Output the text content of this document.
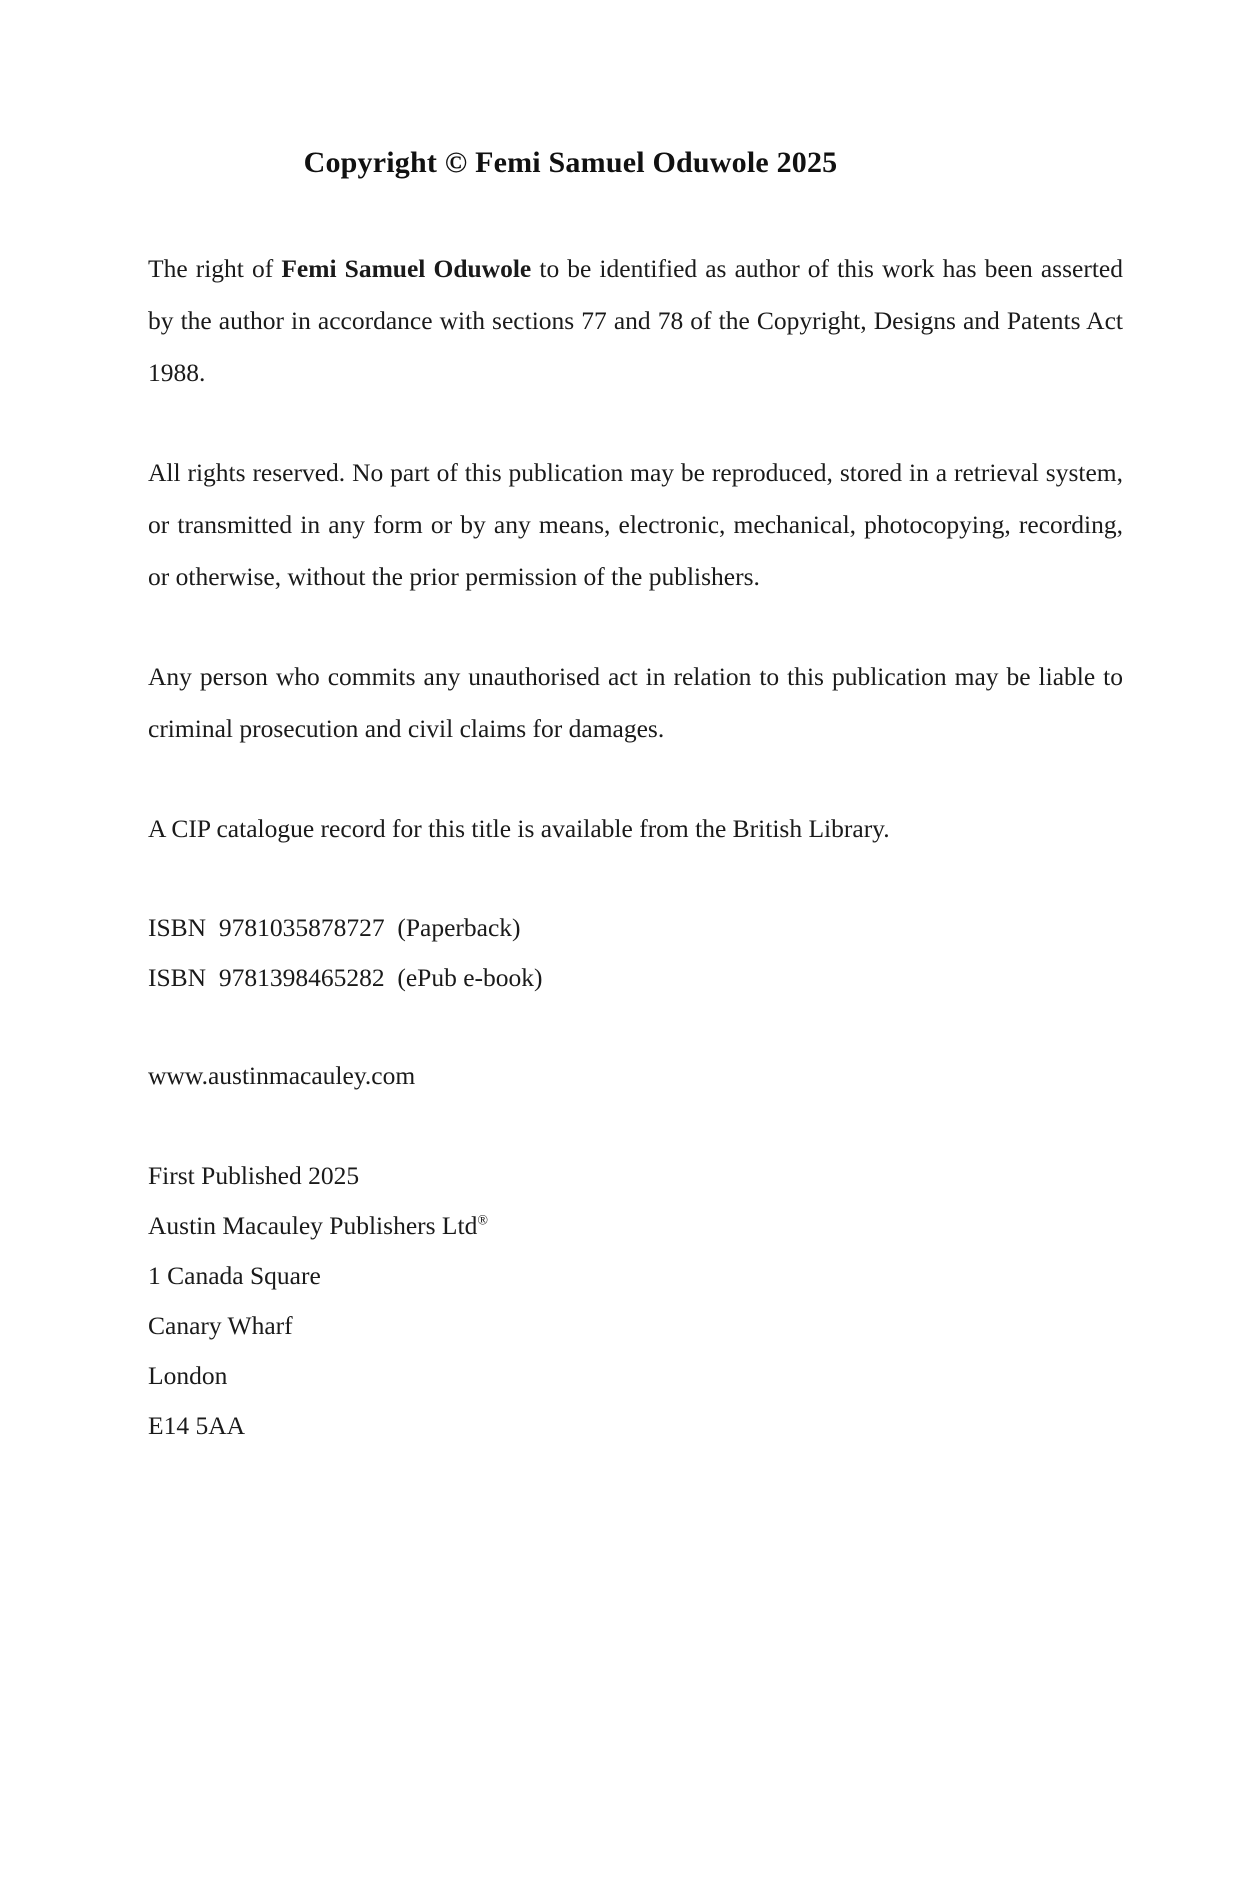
Copyright © Femi Samuel Oduwole 2025

The right of Femi Samuel Oduwole to be identified as author of this work has been asserted by the author in accordance with sections 77 and 78 of the Copyright, Designs and Patents Act 1988.

All rights reserved. No part of this publication may be reproduced, stored in a retrieval system, or transmitted in any form or by any means, electronic, mechanical, photocopying, recording, or otherwise, without the prior permission of the publishers.

Any person who commits any unauthorised act in relation to this publication may be liable to criminal prosecution and civil claims for damages.

A CIP catalogue record for this title is available from the British Library.

ISBN  9781035878727  (Paperback)
ISBN  9781398465282  (ePub e-book)
www.austinmacauley.com
First Published 2025
Austin Macauley Publishers Ltd®
1 Canada Square
Canary Wharf
London
E14 5AA
